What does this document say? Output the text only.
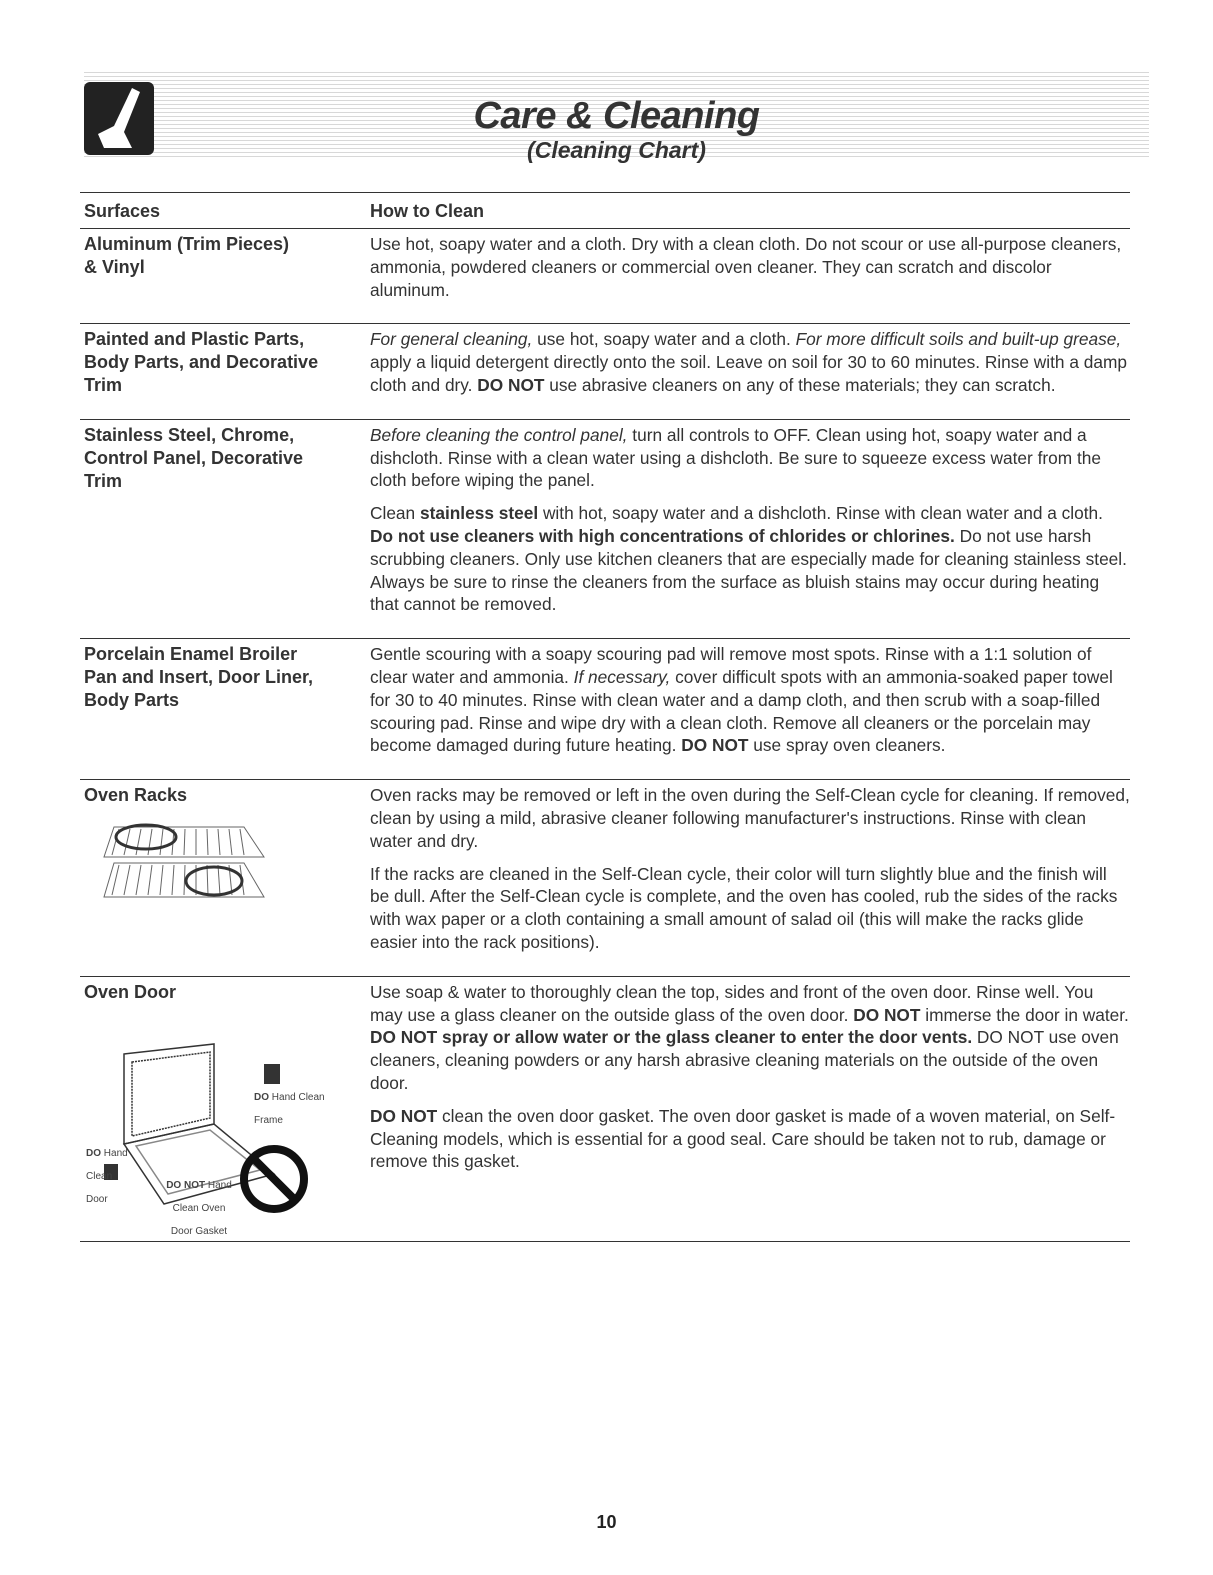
Care & Cleaning
(Cleaning Chart)
Surfaces	How to Clean
Aluminum (Trim Pieces)
& Vinyl

Use hot, soapy water and a cloth. Dry with a clean cloth. Do not scour or use all-purpose cleaners, ammonia, powdered cleaners or commercial oven cleaner. They can scratch and discolor aluminum.

Painted and Plastic Parts,
Body Parts, and Decorative
Trim

For general cleaning, use hot, soapy water and a cloth. For more difficult soils and built-up grease, apply a liquid detergent directly onto the soil. Leave on soil for 30 to 60 minutes. Rinse with a damp cloth and dry. DO NOT use abrasive cleaners on any of these materials; they can scratch.

Stainless Steel, Chrome,
Control Panel, Decorative
Trim

Before cleaning the control panel, turn all controls to OFF. Clean using hot, soapy water and a dishcloth. Rinse with a clean water using a dishcloth. Be sure to squeeze excess water from the cloth before wiping the panel.

Clean stainless steel with hot, soapy water and a dishcloth. Rinse with clean water and a cloth. Do not use cleaners with high concentrations of chlorides or chlorines. Do not use harsh scrubbing cleaners. Only use kitchen cleaners that are especially made for cleaning stainless steel. Always be sure to rinse the cleaners from the surface as bluish stains may occur during heating that cannot be removed.

Porcelain Enamel Broiler
Pan and Insert, Door Liner,
Body Parts

Gentle scouring with a soapy scouring pad will remove most spots. Rinse with a 1:1 solution of clear water and ammonia. If necessary, cover difficult spots with an ammonia-soaked paper towel for 30 to 40 minutes. Rinse with clean water and a damp cloth, and then scrub with a soap-filled scouring pad. Rinse and wipe dry with a clean cloth. Remove all cleaners or the porcelain may become damaged during future heating. DO NOT use spray oven cleaners.

Oven Racks	Oven racks may be removed or left in the oven during the Self-Clean cycle for cleaning. If removed, clean by using a mild, abrasive cleaner following manufacturer's instructions. Rinse with clean water and dry.

If the racks are cleaned in the Self-Clean cycle, their color will turn slightly blue and the finish will be dull. After the Self-Clean cycle is complete, and the oven has cooled, rub the sides of the racks with wax paper or a cloth containing a small amount of salad oil (this will make the racks glide easier into the rack positions).

Oven Door
DO Hand Clean Frame
DO Hand Clean Door
DO NOT Hand Clean Oven Door Gasket

Use soap & water to thoroughly clean the top, sides and front of the oven door. Rinse well. You may use a glass cleaner on the outside glass of the oven door. DO NOT immerse the door in water. DO NOT spray or allow water or the glass cleaner to enter the door vents. DO NOT use oven cleaners, cleaning powders or any harsh abrasive cleaning materials on the outside of the oven door.

DO NOT clean the oven door gasket. The oven door gasket is made of a woven material, on Self-Cleaning models, which is essential for a good seal. Care should be taken not to rub, damage or remove this gasket.

10
